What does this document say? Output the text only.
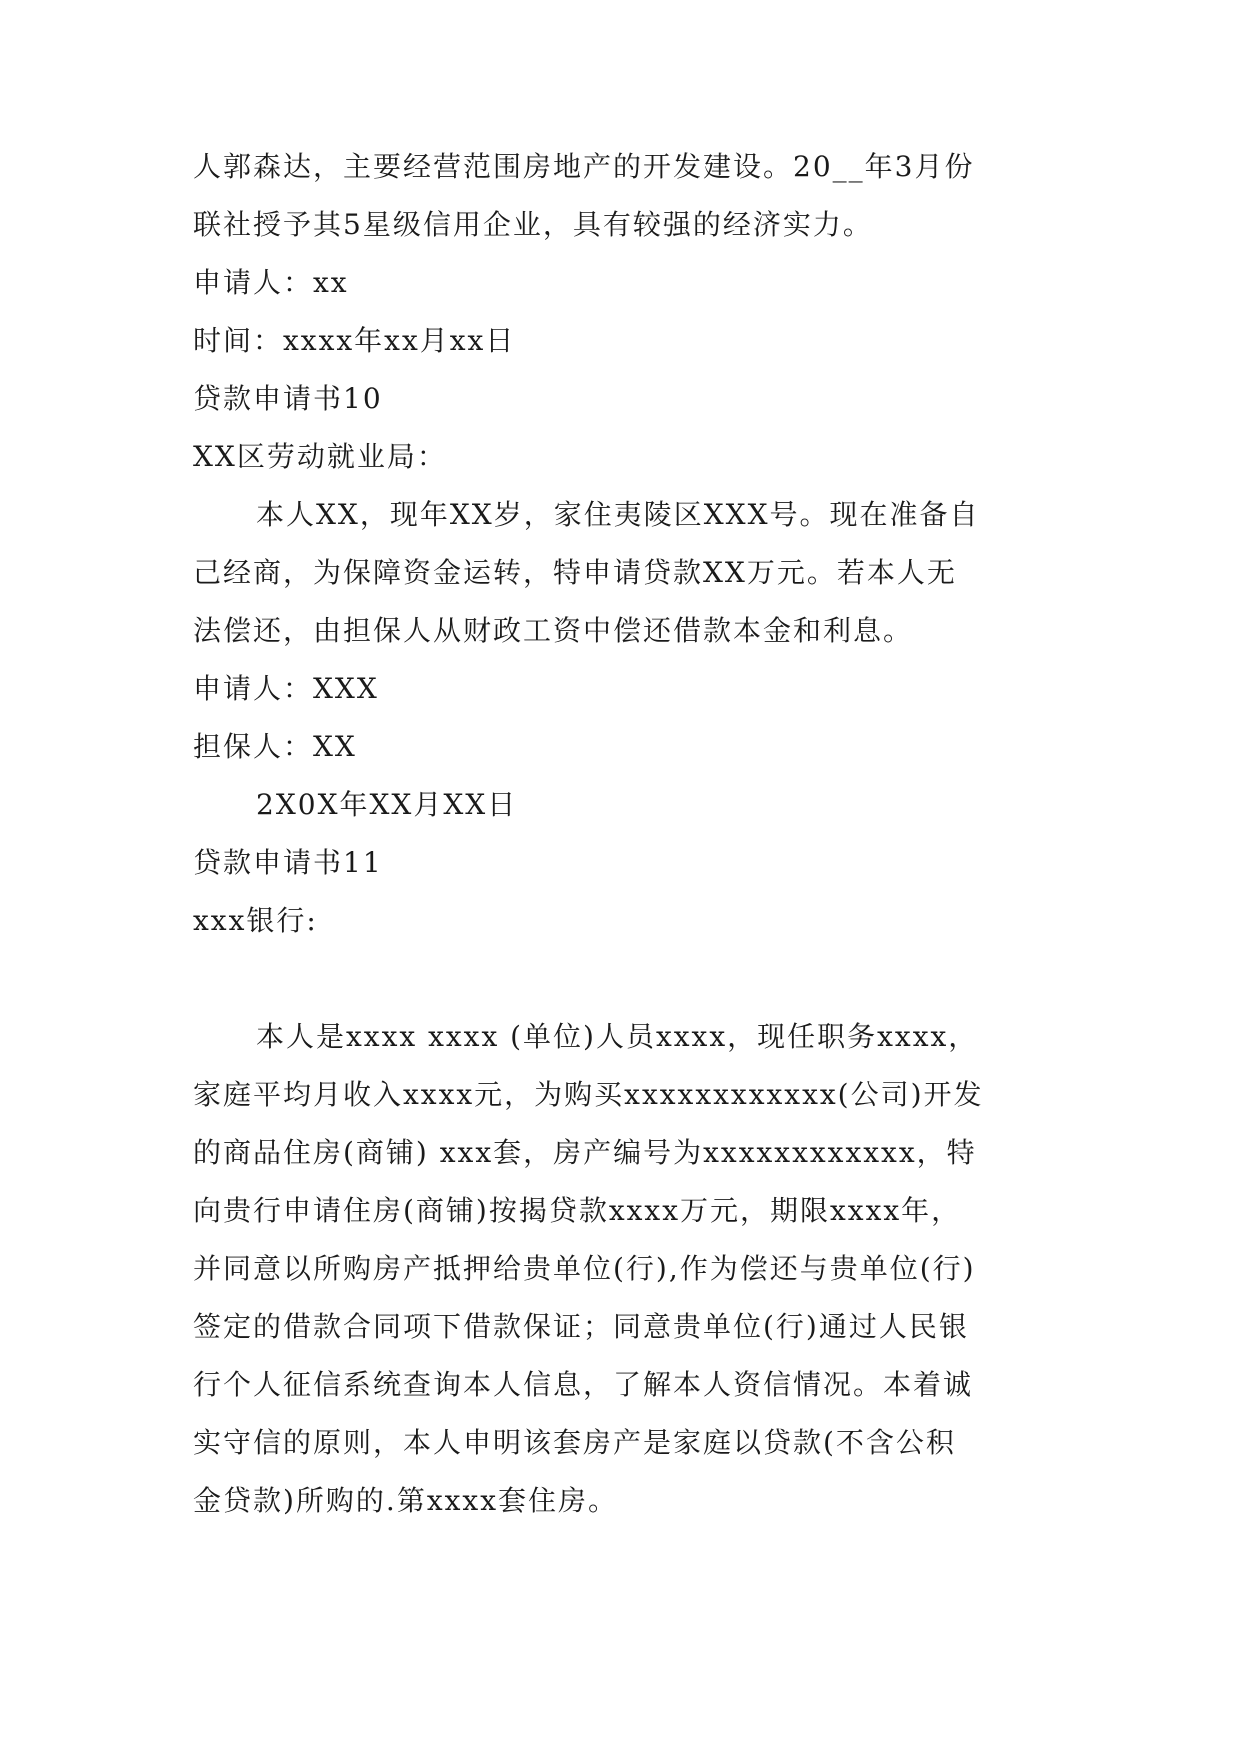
人郭森达，主要经营范围房地产的开发建设。20__年3月份
联社授予其5星级信用企业，具有较强的经济实力。
申请人：xx
时间：xxxx年xx月xx日
贷款申请书10
XX区劳动就业局：
本人XX，现年XX岁，家住夷陵区XXX号。现在准备自
己经商，为保障资金运转，特申请贷款XX万元。若本人无
法偿还，由担保人从财政工资中偿还借款本金和利息。
申请人：XXX
担保人：XX
2X0X年XX月XX日
贷款申请书11
xxx银行:
本人是xxxx xxxx (单位)人员xxxx，现任职务xxxx，
家庭平均月收入xxxx元，为购买xxxxxxxxxxxx(公司)开发
的商品住房(商铺) xxx套，房产编号为xxxxxxxxxxxx，特
向贵行申请住房(商铺)按揭贷款xxxx万元，期限xxxx年，
并同意以所购房产抵押给贵单位(行),作为偿还与贵单位(行)
签定的借款合同项下借款保证；同意贵单位(行)通过人民银
行个人征信系统查询本人信息，了解本人资信情况。本着诚
实守信的原则，本人申明该套房产是家庭以贷款(不含公积
金贷款)所购的.第xxxx套住房。
